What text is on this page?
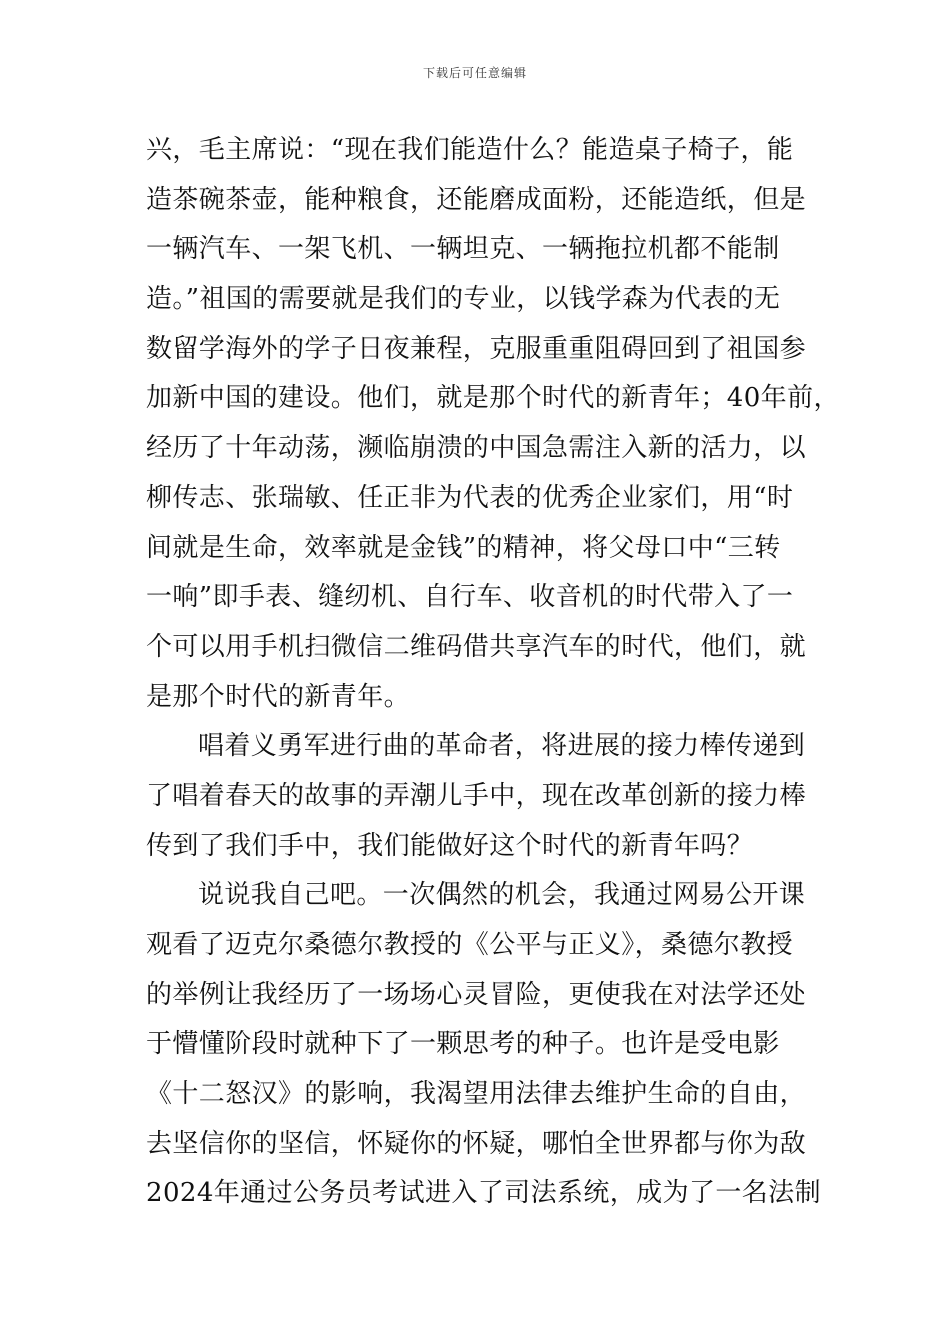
下载后可任意编辑
兴，毛主席说：“现在我们能造什么？能造桌子椅子，能
造茶碗茶壶，能种粮食，还能磨成面粉，还能造纸，但是
一辆汽车、一架飞机、一辆坦克、一辆拖拉机都不能制
造。”祖国的需要就是我们的专业，以钱学森为代表的无
数留学海外的学子日夜兼程，克服重重阻碍回到了祖国参
加新中国的建设。他们，就是那个时代的新青年；40年前，
经历了十年动荡，濒临崩溃的中国急需注入新的活力，以
柳传志、张瑞敏、任正非为代表的优秀企业家们，用“时
间就是生命，效率就是金钱”的精神，将父母口中“三转
一响”即手表、缝纫机、自行车、收音机的时代带入了一
个可以用手机扫微信二维码借共享汽车的时代，他们，就
是那个时代的新青年。
唱着义勇军进行曲的革命者，将进展的接力棒传递到
了唱着春天的故事的弄潮儿手中，现在改革创新的接力棒
传到了我们手中，我们能做好这个时代的新青年吗？
说说我自己吧。一次偶然的机会，我通过网易公开课
观看了迈克尔桑德尔教授的《公平与正义》，桑德尔教授
的举例让我经历了一场场心灵冒险，更使我在对法学还处
于懵懂阶段时就种下了一颗思考的种子。也许是受电影
《十二怒汉》的影响，我渴望用法律去维护生命的自由，
去坚信你的坚信，怀疑你的怀疑，哪怕全世界都与你为敌
2024年通过公务员考试进入了司法系统，成为了一名法制
